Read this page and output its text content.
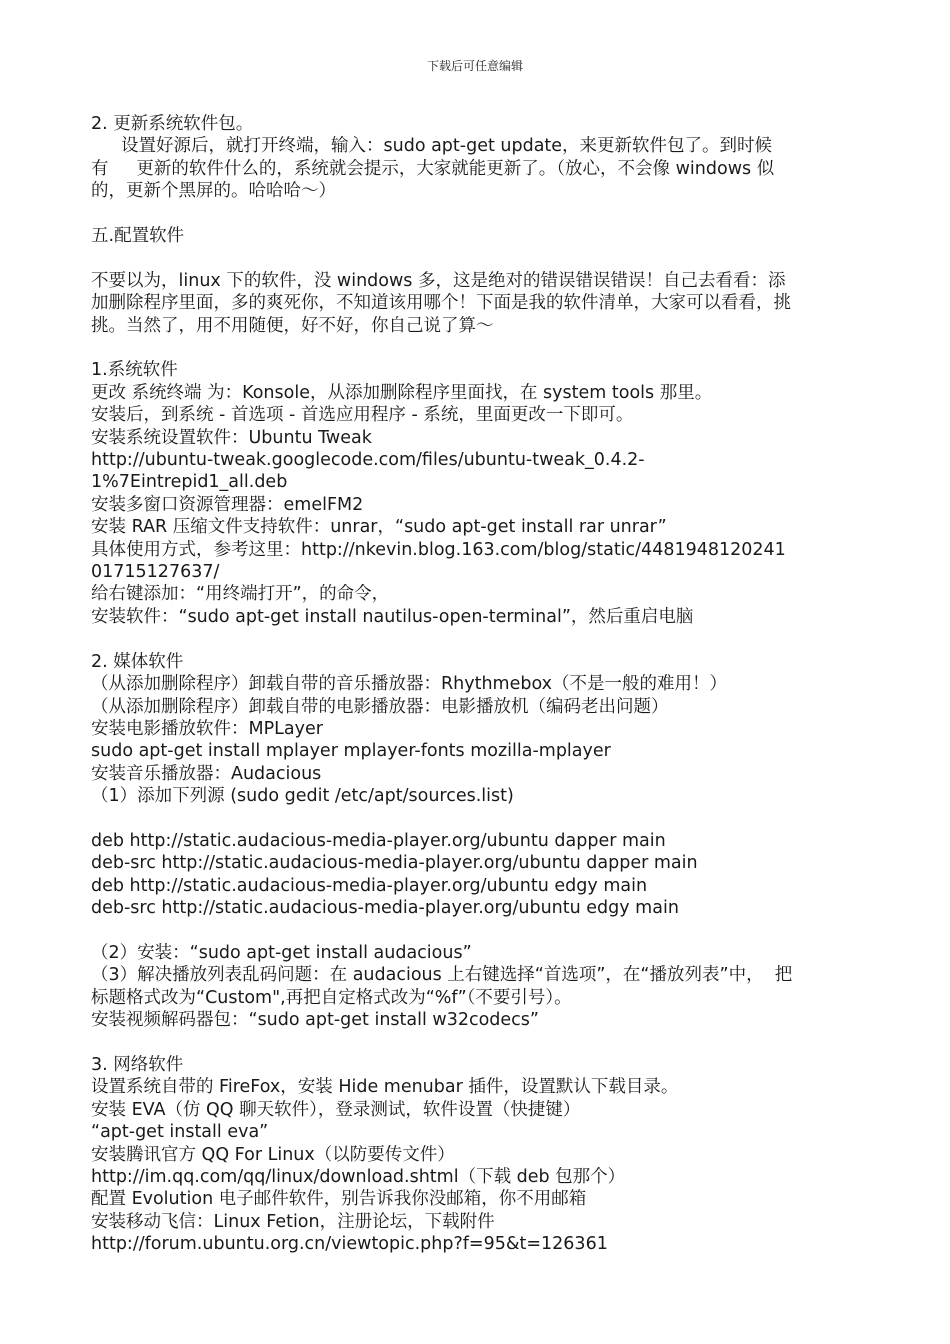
下载后可任意编辑
2. 更新系统软件包。
设置好源后，就打开终端，输入：sudo apt-get update，来更新软件包了。到时候
有     更新的软件什么的，系统就会提示，大家就能更新了。（放心，不会像 windows 似
的，更新个黑屏的。哈哈哈～）
五.配置软件
不要以为，linux 下的软件，没 windows 多，这是绝对的错误错误错误！自己去看看：添
加删除程序里面，多的爽死你，不知道该用哪个！下面是我的软件清单，大家可以看看，挑
挑。当然了，用不用随便，好不好，你自己说了算～
1.系统软件
更改 系统终端 为：Konsole，从添加删除程序里面找，在 system tools 那里。
安装后，到系统 - 首选项 - 首选应用程序 - 系统，里面更改一下即可。
安装系统设置软件：Ubuntu Tweak
http://ubuntu-tweak.googlecode.com/files/ubuntu-tweak_0.4.2-
1%7Eintrepid1_all.deb
安装多窗口资源管理器：emelFM2
安装 RAR 压缩文件支持软件：unrar，“sudo apt-get install rar unrar”
具体使用方式，参考这里：http://nkevin.blog.163.com/blog/static/4481948120241
01715127637/
给右键添加：“用终端打开”，的命令，
安装软件：“sudo apt-get install nautilus-open-terminal”，然后重启电脑
2. 媒体软件
（从添加删除程序）卸载自带的音乐播放器：Rhythmebox（不是一般的难用！）
（从添加删除程序）卸载自带的电影播放器：电影播放机（编码老出问题）
安装电影播放软件：MPLayer
sudo apt-get install mplayer mplayer-fonts mozilla-mplayer
安装音乐播放器：Audacious
（1）添加下列源 (sudo gedit /etc/apt/sources.list)
deb http://static.audacious-media-player.org/ubuntu dapper main
deb-src http://static.audacious-media-player.org/ubuntu dapper main
deb http://static.audacious-media-player.org/ubuntu edgy main
deb-src http://static.audacious-media-player.org/ubuntu edgy main
（2）安装：“sudo apt-get install audacious”
（3）解决播放列表乱码问题：在 audacious 上右键选择“首选项”，在“播放列表”中，  把
标题格式改为“Custom",再把自定格式改为“%f”（不要引号）。
安装视频解码器包：“sudo apt-get install w32codecs”
3. 网络软件
设置系统自带的 FireFox，安装 Hide menubar 插件，设置默认下载目录。
安装 EVA（仿 QQ 聊天软件），登录测试，软件设置（快捷键）
“apt-get install eva”
安装腾讯官方 QQ For Linux（以防要传文件）
http://im.qq.com/qq/linux/download.shtml（下载 deb 包那个）
配置 Evolution 电子邮件软件，别告诉我你没邮箱，你不用邮箱
安装移动飞信：Linux Fetion，注册论坛，下载附件
http://forum.ubuntu.org.cn/viewtopic.php?f=95&t=126361
